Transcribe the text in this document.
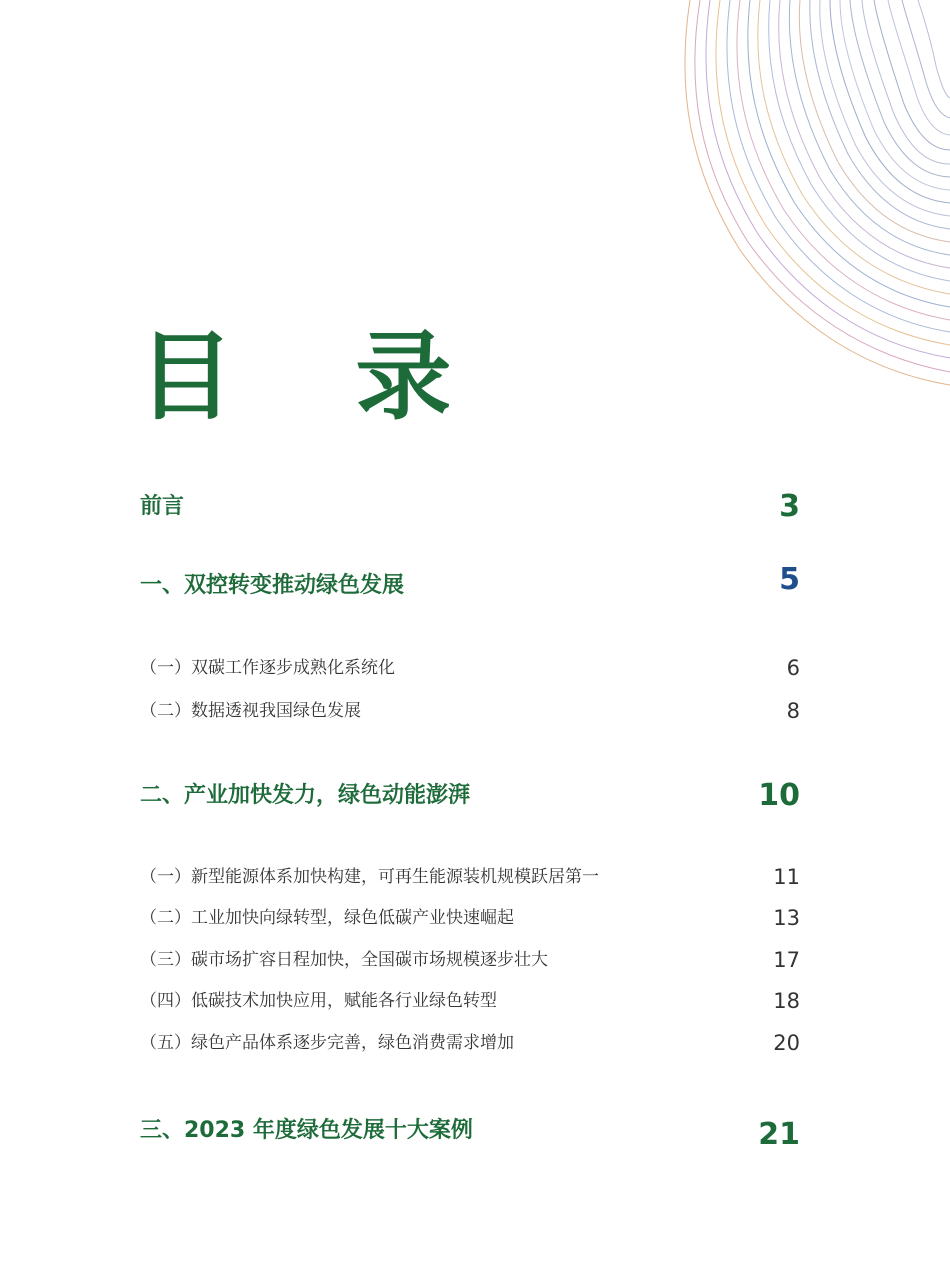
目 录
前言	3
一、双控转变推动绿色发展	5
（一）双碳工作逐步成熟化系统化	6
（二）数据透视我国绿色发展	8
二、产业加快发力，绿色动能澎湃	10
（一）新型能源体系加快构建，可再生能源装机规模跃居第一	11
（二）工业加快向绿转型，绿色低碳产业快速崛起	13
（三）碳市场扩容日程加快，全国碳市场规模逐步壮大	17
（四）低碳技术加快应用，赋能各行业绿色转型	18
（五）绿色产品体系逐步完善，绿色消费需求增加	20
三、2023 年度绿色发展十大案例	21
